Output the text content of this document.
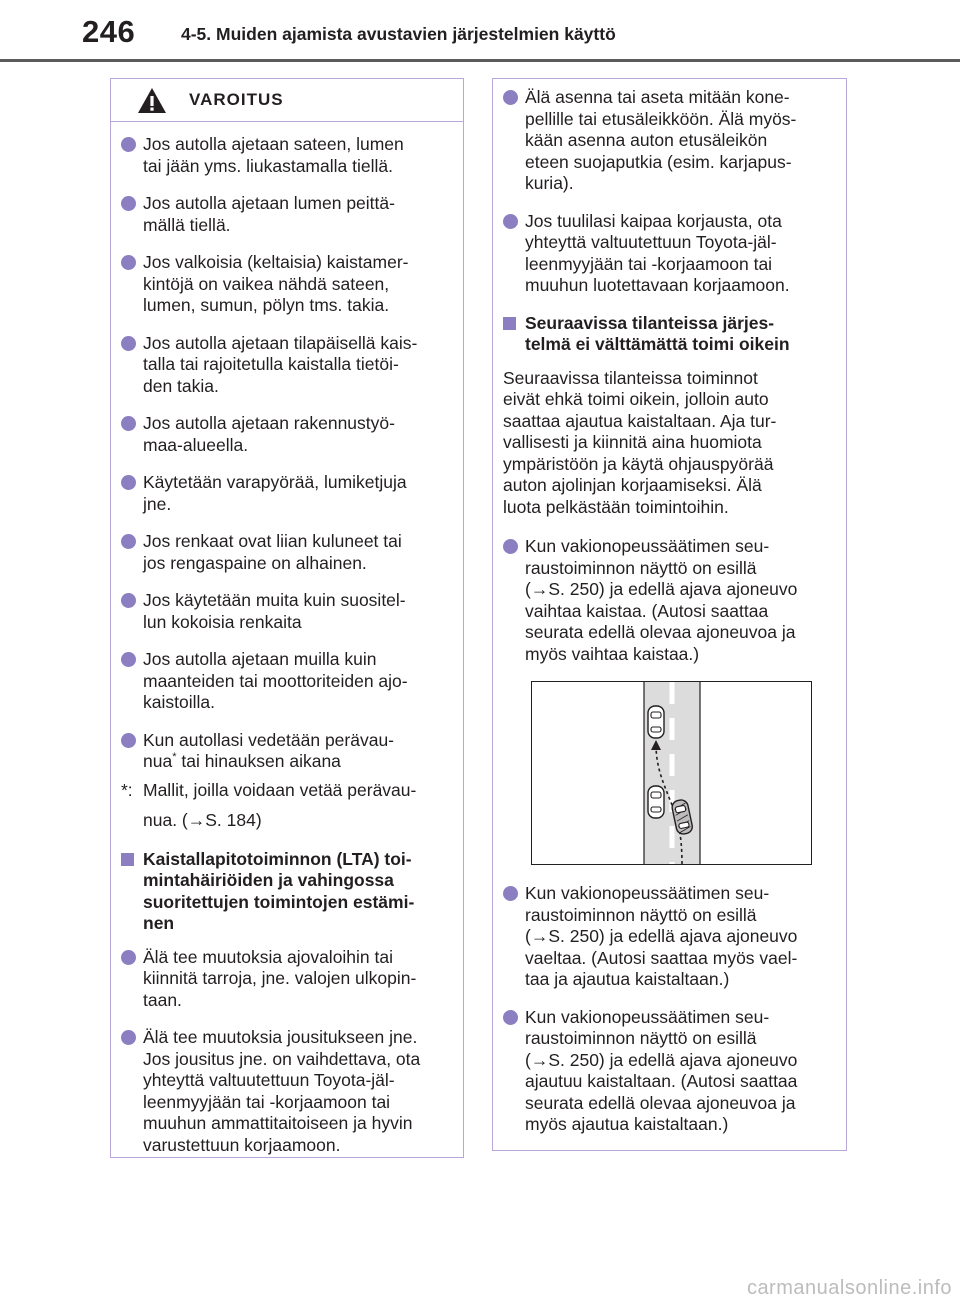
246	4-5. Muiden ajamista avustavien järjestelmien käyttö
VAROITUS
Jos autolla ajetaan sateen, lumen
tai jään yms. liukastamalla tiellä.
Jos autolla ajetaan lumen peittä-
mällä tiellä.
Jos valkoisia (keltaisia) kaistamer-
kintöjä on vaikea nähdä sateen,
lumen, sumun, pölyn tms. takia.
Jos autolla ajetaan tilapäisellä kais-
talla tai rajoitetulla kaistalla tietöi-
den takia.
Jos autolla ajetaan rakennustyö-
maa-alueella.
Käytetään varapyörää, lumiketjuja
jne.
Jos renkaat ovat liian kuluneet tai
jos rengaspaine on alhainen.
Jos käytetään muita kuin suositel-
lun kokoisia renkaita
Jos autolla ajetaan muilla kuin
maanteiden tai moottoriteiden ajo-
kaistoilla.
Kun autollasi vedetään perävau-
nua* tai hinauksen aikana
*: Mallit, joilla voidaan vetää perävau-
nua. (→S. 184)
Kaistallapitotoiminnon (LTA) toi-
mintahäiriöiden ja vahingossa
suoritettujen toimintojen estämi-
nen
Älä tee muutoksia ajovaloihin tai
kiinnitä tarroja, jne. valojen ulkopin-
taan.
Älä tee muutoksia jousitukseen jne.
Jos jousitus jne. on vaihdettava, ota
yhteyttä valtuutettuun Toyota-jäl-
leenmyyjään tai -korjaamoon tai
muuhun ammattitaitoiseen ja hyvin
varustettuun korjaamoon.
Älä asenna tai aseta mitään kone-
pellille tai etusäleikköön. Älä myös-
kään asenna auton etusäleikön
eteen suojaputkia (esim. karjapus-
kuria).
Jos tuulilasi kaipaa korjausta, ota
yhteyttä valtuutettuun Toyota-jäl-
leenmyyjään tai -korjaamoon tai
muuhun luotettavaan korjaamoon.
Seuraavissa tilanteissa järjes-
telmä ei välttämättä toimi oikein
Seuraavissa tilanteissa toiminnot
eivät ehkä toimi oikein, jolloin auto
saattaa ajautua kaistaltaan. Aja tur-
vallisesti ja kiinnitä aina huomiota
ympäristöön ja käytä ohjauspyörää
auton ajolinjan korjaamiseksi. Älä
luota pelkästään toimintoihin.
Kun vakionopeussäätimen seu-
raustoiminnon näyttö on esillä
(→S. 250) ja edellä ajava ajoneuvo
vaihtaa kaistaa. (Autosi saattaa
seurata edellä olevaa ajoneuvoa ja
myös vaihtaa kaistaa.)
Kun vakionopeussäätimen seu-
raustoiminnon näyttö on esillä
(→S. 250) ja edellä ajava ajoneuvo
vaeltaa. (Autosi saattaa myös vael-
taa ja ajautua kaistaltaan.)
Kun vakionopeussäätimen seu-
raustoiminnon näyttö on esillä
(→S. 250) ja edellä ajava ajoneuvo
ajautuu kaistaltaan. (Autosi saattaa
seurata edellä olevaa ajoneuvoa ja
myös ajautua kaistaltaan.)
carmanualsonline.info
